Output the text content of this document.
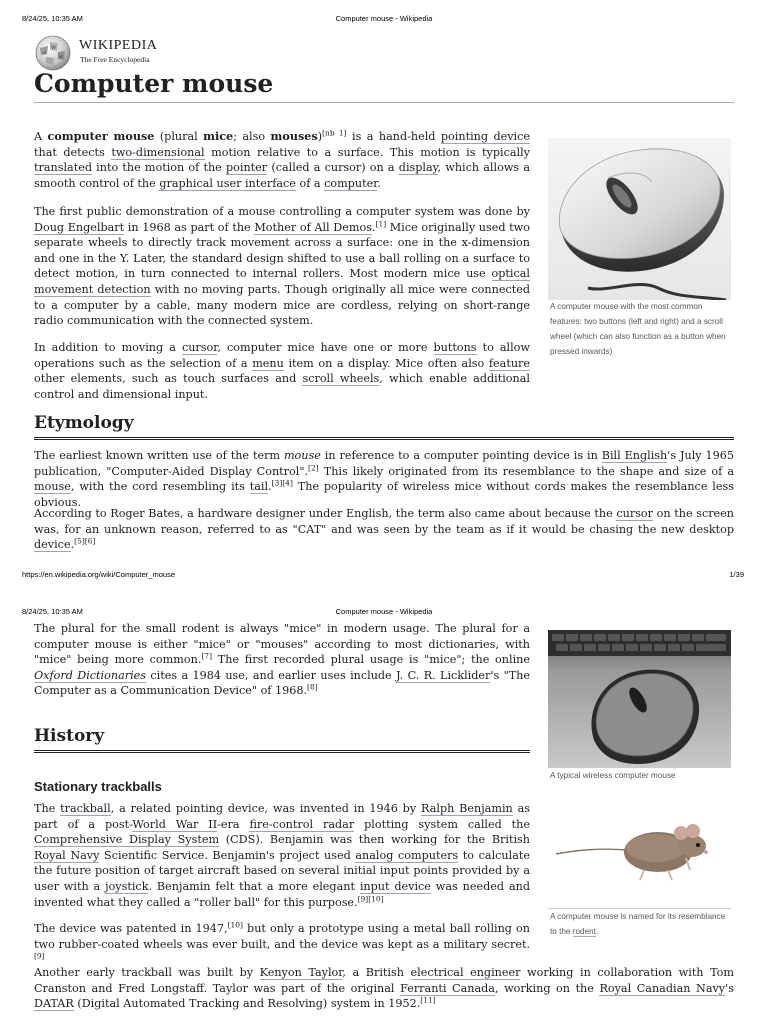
8/24/25, 10:35 AM	Computer mouse - Wikipedia
W
Ω
И
WIKIPEDIA
The Free Encyclopedia
Computer mouse

A computer mouse (plural mice; also mouses)[nb 1] is a hand-held pointing device that detects two-dimensional motion relative to a surface. This motion is typically translated into the motion of the pointer (called a cursor) on a display, which allows a smooth control of the graphical user interface of a computer.

The first public demonstration of a mouse controlling a computer system was done by Doug Engelbart in 1968 as part of the Mother of All Demos.[1] Mice originally used two separate wheels to directly track movement across a surface: one in the x-dimension and one in the Y. Later, the standard design shifted to use a ball rolling on a surface to detect motion, in turn connected to internal rollers. Most modern mice use optical movement detection with no moving parts. Though originally all mice were connected to a computer by a cable, many modern mice are cordless, relying on short-range radio communication with the connected system.

In addition to moving a cursor, computer mice have one or more buttons to allow operations such as the selection of a menu item on a display. Mice often also feature other elements, such as touch surfaces and scroll wheels, which enable additional control and dimensional input.

A computer mouse with the most common features: two buttons (left and right) and a scroll wheel (which can also function as a button when pressed inwards)

Etymology

The earliest known written use of the term mouse in reference to a computer pointing device is in Bill English's July 1965 publication, "Computer-Aided Display Control".[2] This likely originated from its resemblance to the shape and size of a mouse, with the cord resembling its tail.[3][4] The popularity of wireless mice without cords makes the resemblance less obvious.

According to Roger Bates, a hardware designer under English, the term also came about because the cursor on the screen was, for an unknown reason, referred to as "CAT" and was seen by the team as if it would be chasing the new desktop device.[5][6]

https://en.wikipedia.org/wiki/Computer_mouse	1/39
8/24/25, 10:35 AM	Computer mouse - Wikipedia

The plural for the small rodent is always "mice" in modern usage. The plural for a computer mouse is either "mice" or "mouses" according to most dictionaries, with "mice" being more common.[7] The first recorded plural usage is "mice"; the online Oxford Dictionaries cites a 1984 use, and earlier uses include J. C. R. Licklider's "The Computer as a Communication Device" of 1968.[8]

A typical wireless computer mouse

History
Stationary trackballs

The trackball, a related pointing device, was invented in 1946 by Ralph Benjamin as part of a post-World War II-era fire-control radar plotting system called the Comprehensive Display System (CDS). Benjamin was then working for the British Royal Navy Scientific Service. Benjamin's project used analog computers to calculate the future position of target aircraft based on several initial input points provided by a user with a joystick. Benjamin felt that a more elegant input device was needed and invented what they called a "roller ball" for this purpose.[9][10]

The device was patented in 1947,[10] but only a prototype using a metal ball rolling on two rubber-coated wheels was ever built, and the device was kept as a military secret.[9]

Another early trackball was built by Kenyon Taylor, a British electrical engineer working in collaboration with Tom Cranston and Fred Longstaff. Taylor was part of the original Ferranti Canada, working on the Royal Canadian Navy's DATAR (Digital Automated Tracking and Resolving) system in 1952.[11]

A computer mouse is named for its resemblance to the rodent.
